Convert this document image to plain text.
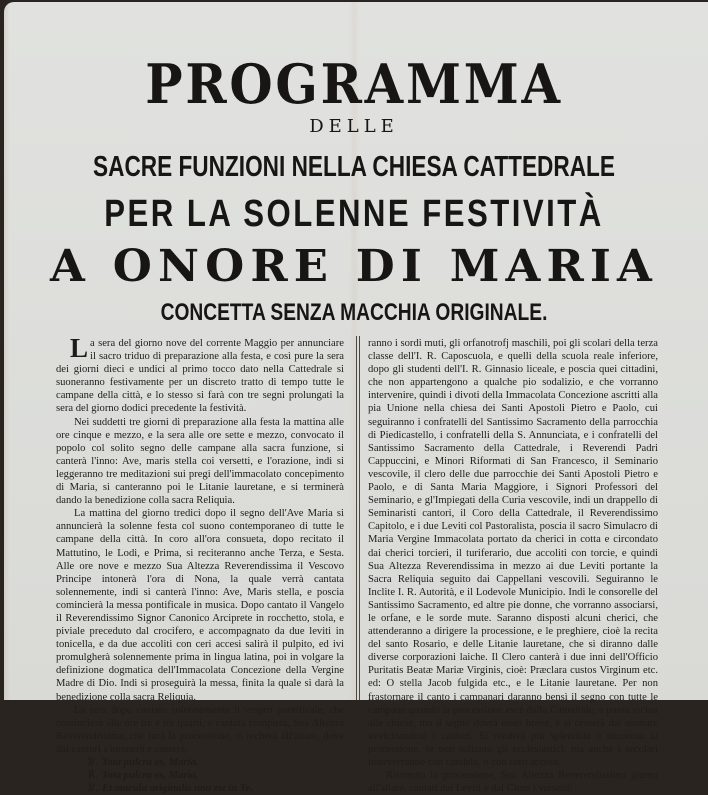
PROGRAMMA
DELLE
SACRE FUNZIONI NELLA CHIESA CATTEDRALE
PER LA SOLENNE FESTIVITÀ
A ONORE DI MARIA
CONCETTA SENZA MACCHIA ORIGINALE.

La sera del giorno nove del corrente Maggio per annunciare il sacro triduo di preparazione alla festa, e così pure la sera dei giorni dieci e undici al primo tocco dato nella Cattedrale si suoneranno festivamente per un discreto tratto di tempo tutte le campane della città, e lo stesso si farà con tre segni prolungati la sera del giorno dodici precedente la festività.

Nei suddetti tre giorni di preparazione alla festa la mattina alle ore cinque e mezzo, e la sera alle ore sette e mezzo, convocato il popolo col solito segno delle campane alla sacra funzione, si canterà l'inno: Ave, maris stella coi versetti, e l'orazione, indi si leggeranno tre meditazioni sui pregi dell'immacolato concepimento di Maria, si canteranno poi le Litanie lauretane, e si terminerà dando la benedizione colla sacra Reliquia.

La mattina del giorno tredici dopo il segno dell'Ave Maria si annuncierà la solenne festa col suono contemporaneo di tutte le campane della città. In coro all'ora consueta, dopo recitato il Mattutino, le Lodi, e Prima, si reciteranno anche Terza, e Sesta. Alle ore nove e mezzo Sua Altezza Reverendissima il Vescovo Principe intonerà l'ora di Nona, la quale verrà cantata solennemente, indi si canterà l'inno: Ave, Maris stella, e poscia comincierà la messa pontificale in musica. Dopo cantato il Vangelo il Reverendissimo Signor Canonico Arciprete in rocchetto, stola, e piviale preceduto dal crocifero, e accompagnato da due leviti in tonicella, e da due accoliti con ceri accesi salirà il pulpito, ed ivi promulgherà solennemente prima in lingua latina, poi in volgare la definizione dogmatica dell'Immacolata Concezione della Vergine Madre di Dio. Indi si proseguirà la messa, finita la quale si darà la benedizione colla sacra Reliquia.

La sera dopo cantato solennemente il vespro pontificale, che comincierà alle ore tre e tre quarti, e cantata compieta, Sua Altezza Reverendissima, che farà la processione, si recherà all'altare, dove dai cantori s'intonerà e canterà:

℣. Tota pulcra es, Maria.
℟. Tota pulcra es, Maria.
℣. Et macula originalis non est in Te.

ranno i sordi muti, gli orfanotrofj maschili, poi gli scolari della terza classe dell'I. R. Caposcuola, e quelli della scuola reale inferiore, dopo gli studenti dell'I. R. Ginnasio liceale, e poscia quei cittadini, che non appartengono a qualche pio sodalizio, e che vorranno intervenire, quindi i divoti della Immacolata Concezione ascritti alla pia Unione nella chiesa dei Santi Apostoli Pietro e Paolo, cui seguiranno i confratelli del Santissimo Sacramento della parrocchia di Piedicastello, i confratelli della S. Annunciata, e i confratelli del Santissimo Sacramento della Cattedrale, i Reverendi Padri Cappuccini, e Minori Riformati di San Francesco, il Seminario vescovile, il clero delle due parrocchie dei Santi Apostoli Pietro e Paolo, e di Santa Maria Maggiore, i Signori Professori del Seminario, e gl'Impiegati della Curia vescovile, indi un drappello di Seminaristi cantori, il Coro della Cattedrale, il Reverendissimo Capitolo, e i due Leviti col Pastoralista, poscia il sacro Simulacro di Maria Vergine Immacolata portato da cherici in cotta e circondato dai cherici torcieri, il turiferario, due accoliti con torcie, e quindi Sua Altezza Reverendissima in mezzo ai due Leviti portante la Sacra Reliquia seguito dai Cappellani vescovili. Seguiranno le Inclite I. R. Autorità, e il Lodevole Municipio. Indi le consorelle del Santissimo Sacramento, ed altre pie donne, che vorranno associarsi, le orfane, e le sorde mute. Saranno disposti alcuni cherici, che attenderanno a dirigere la processione, e le preghiere, cioè la recita del santo Rosario, e delle Litanie lauretane, che si diranno dalle diverse corporazioni laiche. Il Clero canterà i due inni dell'Officio Puritatis Beatæ Mariæ Virginis, cioè: Præclara custos Virginum etc. ed: O stella Jacob fulgida etc., e le Litanie lauretane. Per non frastornare il canto i campanari daranno bensì il segno con tutte le campane quando la processione esce dalla Cattedrale, e passa vicina alle chiese, ma il segno dovrà esser breve, e si cesserà dal suonare avvicinandosi i cantori. Si renderà più splendida e decorosa la processione, se non soltanto gli ecclesiastici, ma anche i secolari interverranno con candela, o con cero acceso.

Ritornata la processione, Sua Altezza Reverendissima giunto all'altare, cantati dai Leviti e dal Clero i versetti:
